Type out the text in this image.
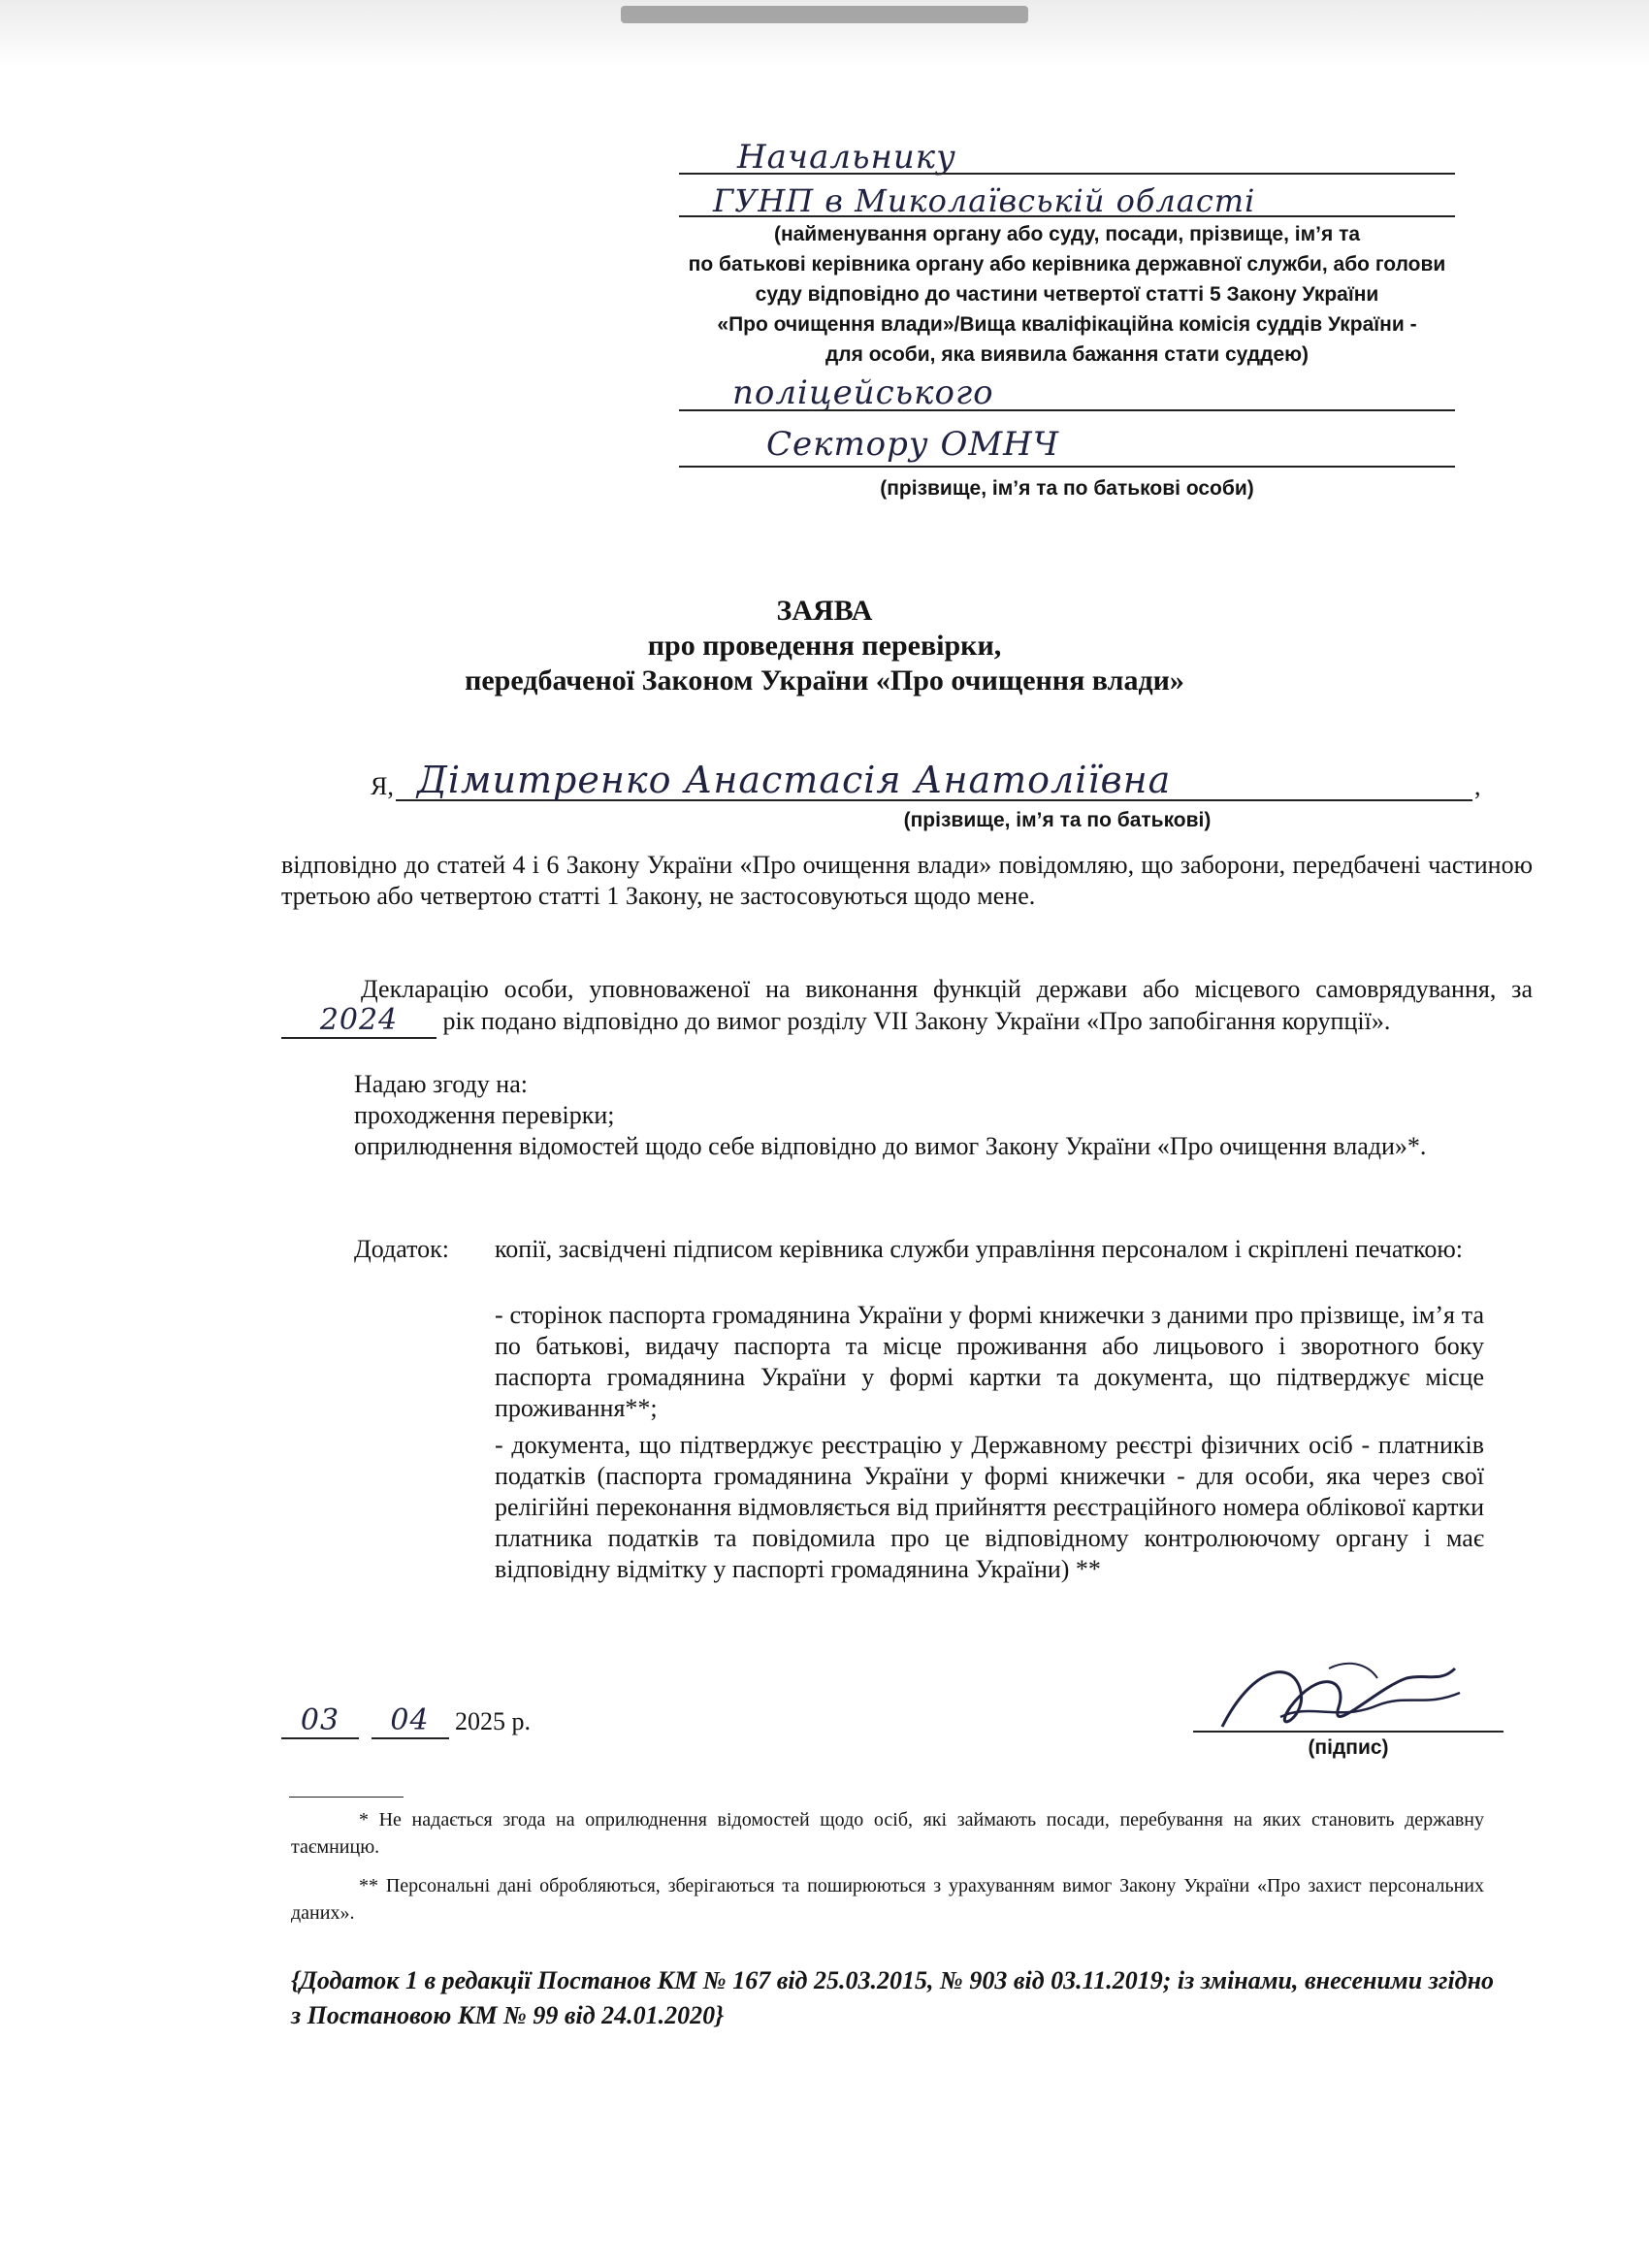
Начальнику
ГУНП в Миколаївській області
(найменування органу або суду, посади, прізвище, ім’я та
по батькові керівника органу або керівника державної служби, або голови
суду відповідно до частини четвертої статті 5 Закону України
«Про очищення влади»/Вища кваліфікаційна комісія суддів України -
для особи, яка виявила бажання стати суддею)
поліцейського
Сектору ОМНЧ
(прізвище, ім’я та по батькові особи)
ЗАЯВА
про проведення перевірки,
передбаченої Законом України «Про очищення влади»
Я, Дімитренко Анастасія Анатоліївна	,
(прізвище, ім’я та по батькові)
відповідно до статей 4 і 6 Закону України «Про очищення влади» повідомляю, що заборони, передбачені частиною третьою або четвертою статті 1 Закону, не застосовуються щодо мене.
Декларацію особи, уповноваженої на виконання функцій держави або місцевого самоврядування, за 2024 рік подано відповідно до вимог розділу VII Закону України «Про запобігання корупції».
Надаю згоду на:
проходження перевірки;
оприлюднення відомостей щодо себе відповідно до вимог Закону України «Про очищення влади»*.
Додаток: копії, засвідчені підписом керівника служби управління персоналом і скріплені печаткою:
- сторінок паспорта громадянина України у формі книжечки з даними про прізвище, ім’я та по батькові, видачу паспорта та місце проживання або лицьового і зворотного боку паспорта громадянина України у формі картки та документа, що підтверджує місце проживання**;
- документа, що підтверджує реєстрацію у Державному реєстрі фізичних осіб - платників податків (паспорта громадянина України у формі книжечки - для особи, яка через свої релігійні переконання відмовляється від прийняття реєстраційного номера облікової картки платника податків та повідомила про це відповідному контролюючому органу і має відповідну відмітку у паспорті громадянина України) **
03 04 2025 р.
(підпис)
* Не надається згода на оприлюднення відомостей щодо осіб, які займають посади, перебування на яких становить державну таємницю.
** Персональні дані обробляються, зберігаються та поширюються з урахуванням вимог Закону України «Про захист персональних даних».
{Додаток 1 в редакції Постанов КМ № 167 від 25.03.2015, № 903 від 03.11.2019; із змінами, внесеними згідно з Постановою КМ № 99 від 24.01.2020}
